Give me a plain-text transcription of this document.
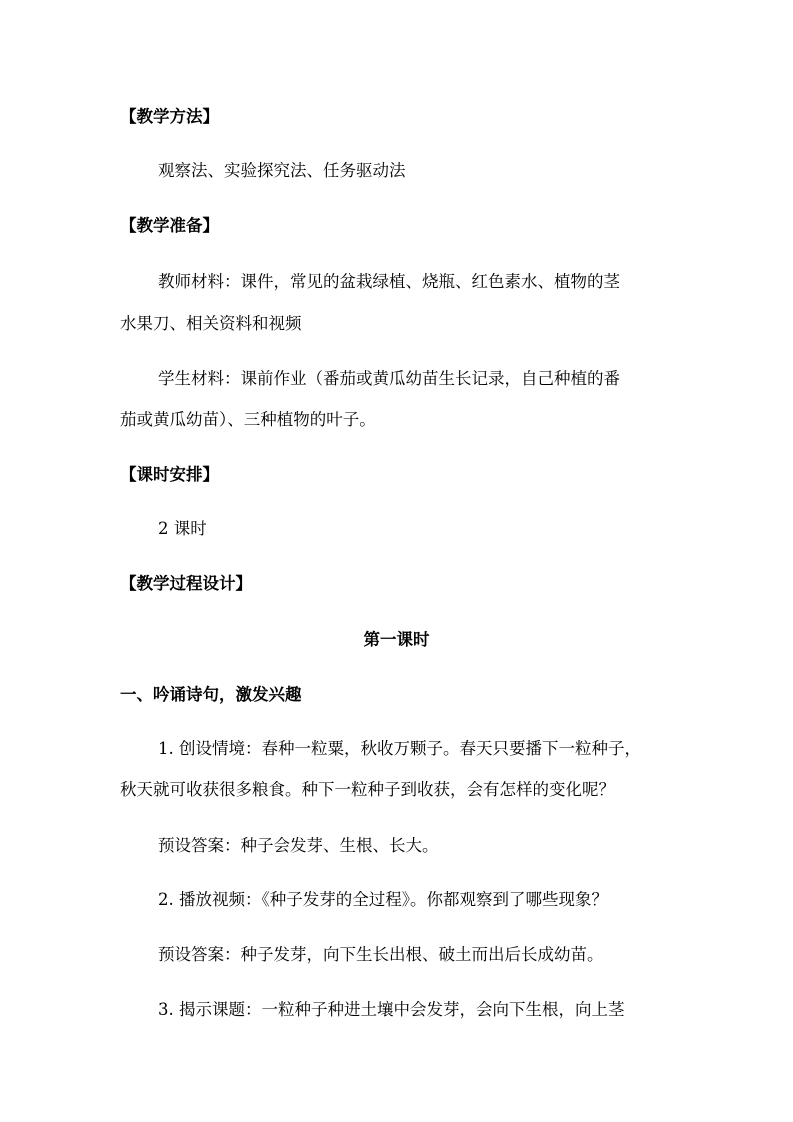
【教学方法】
观察法、实验探究法、任务驱动法
【教学准备】
教师材料：课件，常见的盆栽绿植、烧瓶、红色素水、植物的茎
水果刀、相关资料和视频
学生材料：课前作业（番茄或黄瓜幼苗生长记录，自己种植的番
茄或黄瓜幼苗）、三种植物的叶子。
【课时安排】
2 课时
【教学过程设计】
第一课时
一、吟诵诗句，激发兴趣
1. 创设情境：春种一粒粟，秋收万颗子。春天只要播下一粒种子，
秋天就可收获很多粮食。种下一粒种子到收获，会有怎样的变化呢？
预设答案：种子会发芽、生根、长大。
2. 播放视频：《种子发芽的全过程》。你都观察到了哪些现象？
预设答案：种子发芽，向下生长出根、破土而出后长成幼苗。
3. 揭示课题：一粒种子种进土壤中会发芽，会向下生根，向上茎
